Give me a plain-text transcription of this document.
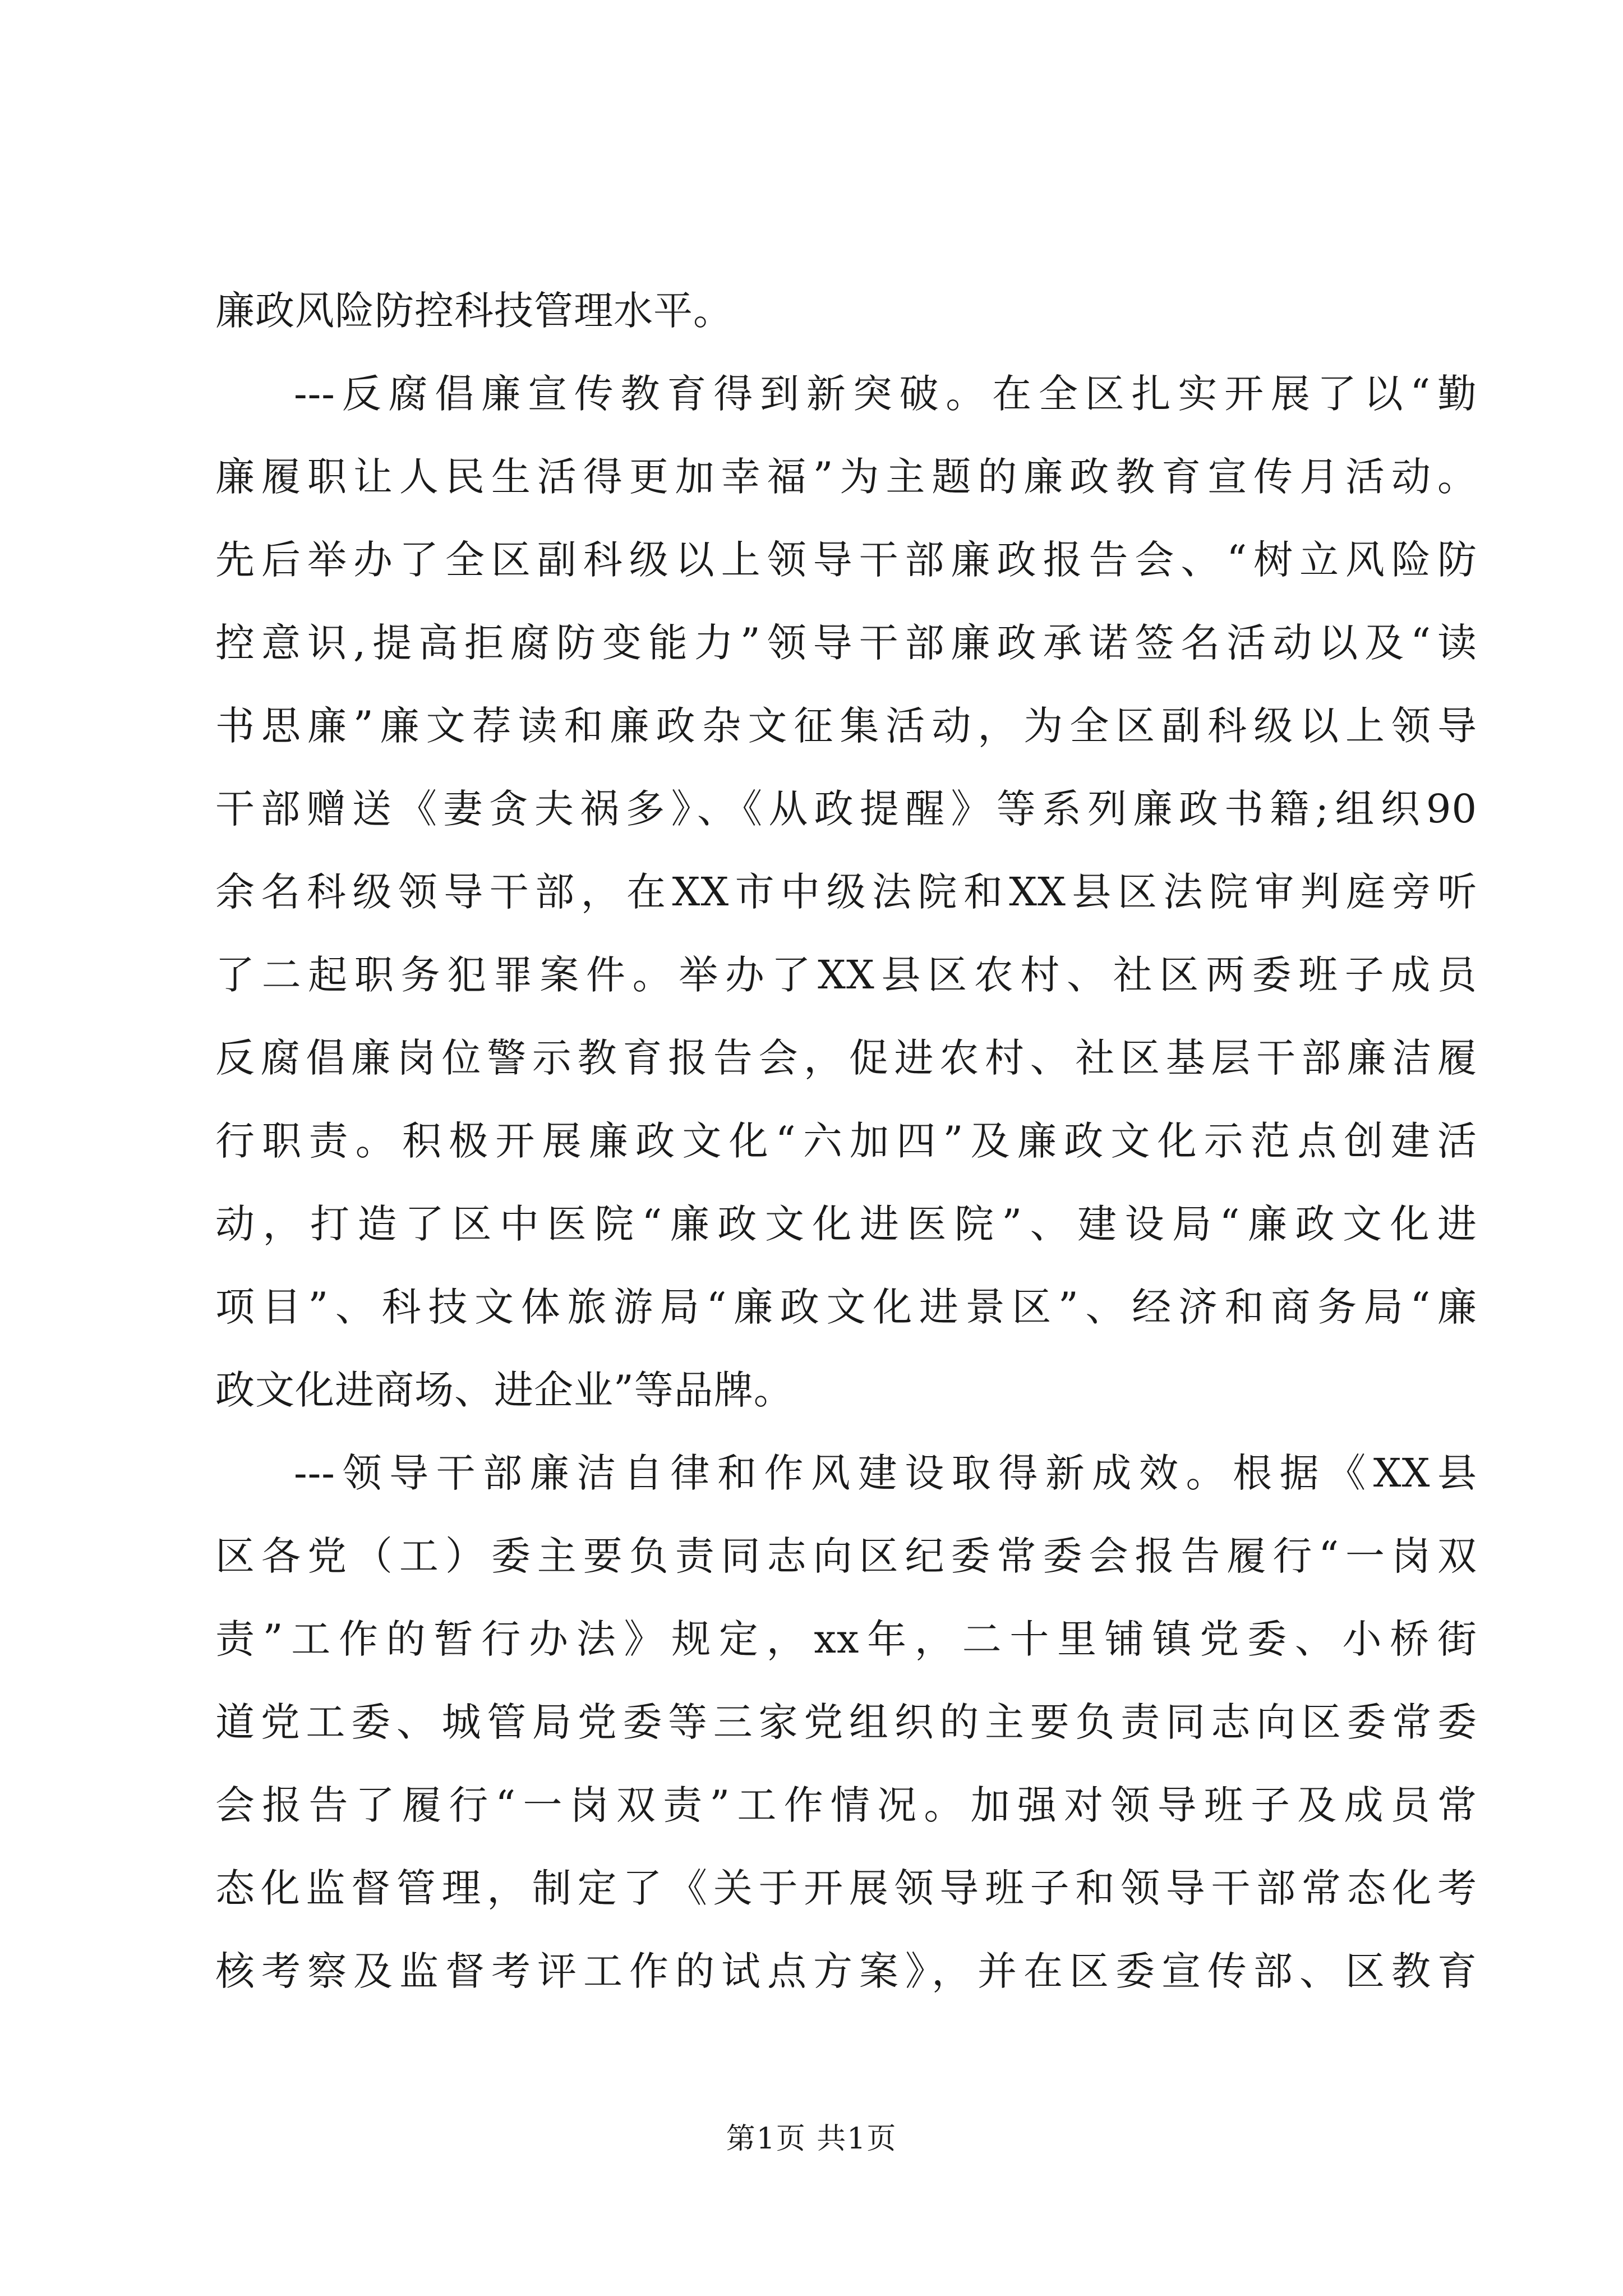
廉政风险防控科技管理水平。
---反腐倡廉宣传教育得到新突破。在全区扎实开展了以“勤
廉履职让人民生活得更加幸福”为主题的廉政教育宣传月活动。
先后举办了全区副科级以上领导干部廉政报告会、“树立风险防
控意识,提高拒腐防变能力”领导干部廉政承诺签名活动以及“读
书思廉”廉文荐读和廉政杂文征集活动，为全区副科级以上领导
干部赠送《妻贪夫祸多》、《从政提醒》等系列廉政书籍;组织90
余名科级领导干部，在XX市中级法院和XX县区法院审判庭旁听
了二起职务犯罪案件。举办了XX县区农村、社区两委班子成员
反腐倡廉岗位警示教育报告会，促进农村、社区基层干部廉洁履
行职责。积极开展廉政文化“六加四”及廉政文化示范点创建活
动，打造了区中医院“廉政文化进医院”、建设局“廉政文化进
项目”、科技文体旅游局“廉政文化进景区”、经济和商务局“廉
政文化进商场、进企业”等品牌。
---领导干部廉洁自律和作风建设取得新成效。根据《XX县
区各党（工）委主要负责同志向区纪委常委会报告履行“一岗双
责”工作的暂行办法》规定，xx年，二十里铺镇党委、小桥街
道党工委、城管局党委等三家党组织的主要负责同志向区委常委
会报告了履行“一岗双责”工作情况。加强对领导班子及成员常
态化监督管理，制定了《关于开展领导班子和领导干部常态化考
核考察及监督考评工作的试点方案》，并在区委宣传部、区教育
第1页 共1页
